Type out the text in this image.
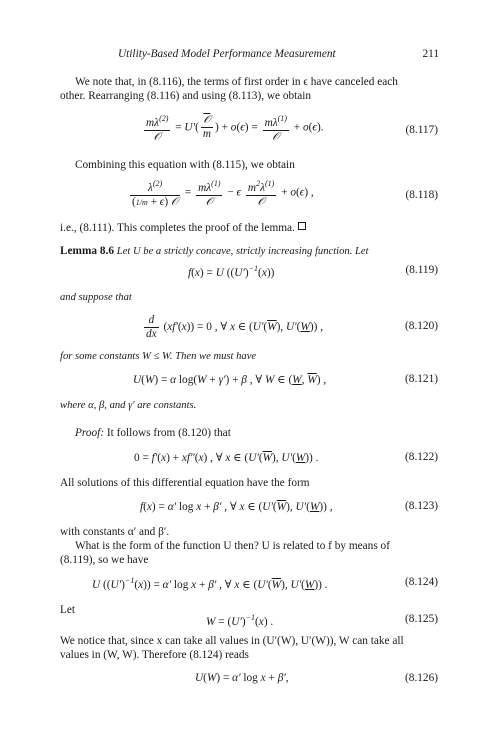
Utility-Based Model Performance Measurement	211
We note that, in (8.116), the terms of first order in ϵ have canceled each
other. Rearranging (8.116) and using (8.113), we obtain
$\frac{m\lambda^{(2)}}{\text{𝒪}} = U'( \frac{\text{𝒪}}{m}$ ) + $o(\epsilon) = \frac{m\lambda^{(1)}}{\text{𝒪}} + o(\epsilon)$.	(8.117)
Combining this equation with (8.115), we obtain
$\frac{\lambda^{(2)}}{\text{(1/m + ϵ) 𝒪}} = \frac{m\lambda^{(1)}}{\text{𝒪}} - \epsilon \frac{m^2\lambda^{(1)}}{\text{𝒪}} + o(\epsilon)$ ,	(8.118)
i.e., (8.111). This completes the proof of the lemma.
Lemma 8.6 Let U be a strictly concave, strictly increasing function. Let
f(x) = U $((U')^{-1}(x))$	(8.119)
and suppose that
$\frac{d}{dx} (xf'(x)) = 0$ , ∀ x ∈ ($U'(\overline{W})$, U′(W)) ,	(8.120)
for some constants W ≤ W. Then we must have
U(W) = α log(W + γ′) + β , ∀ W ∈ (W, $\overline{W}$) ,	(8.121)
where α, β, and γ′ are constants.
Proof: It follows from (8.120) that
0 = f′(x) + xf″(x) , ∀ x ∈ ($U'(\overline{W})$, U′(W)) .	(8.122)
All solutions of this differential equation have the form
f(x) = α′ log x + β′ , ∀ x ∈ ($U'(\overline{W})$, U′(W)) ,	(8.123)
with constants α′ and β′.
What is the form of the function U then? U is related to f by means of
(8.119), so we have
U $((U')^{-1}(x)) = \alpha'$ log x + β′ , ∀ x ∈ ($U'(\overline{W})$, U′(W)) .	(8.124)
Let
$W = (U')^{-1}(x)$ .	(8.125)
We notice that, since x can take all values in (U′(W), U′(W)), W can take all
values in (W, W). Therefore (8.124) reads
U(W) = α′ log x + β′,	(8.126)
